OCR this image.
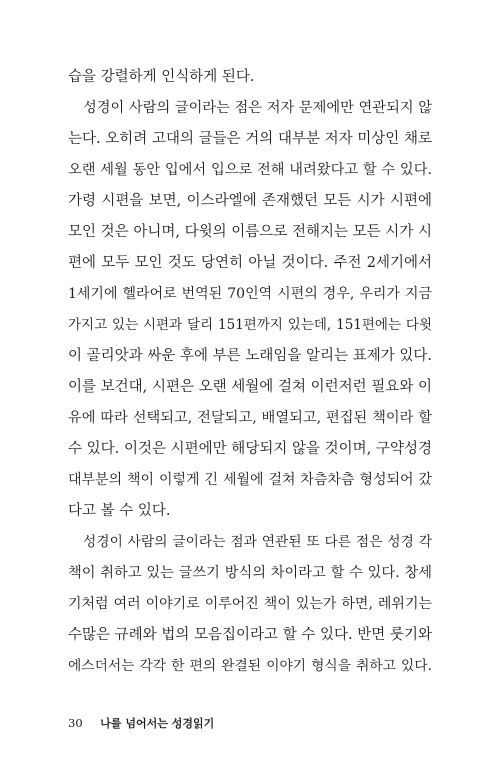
습을 강렬하게 인식하게 된다.
성경이 사람의 글이라는 점은 저자 문제에만 연관되지 않
는다. 오히려 고대의 글들은 거의 대부분 저자 미상인 채로
오랜 세월 동안 입에서 입으로 전해 내려왔다고 할 수 있다.
가령 시편을 보면, 이스라엘에 존재했던 모든 시가 시편에
모인 것은 아니며, 다윗의 이름으로 전해지는 모든 시가 시
편에 모두 모인 것도 당연히 아닐 것이다. 주전 2세기에서
1세기에 헬라어로 번역된 70인역 시편의 경우, 우리가 지금
가지고 있는 시편과 달리 151편까지 있는데, 151편에는 다윗
이 골리앗과 싸운 후에 부른 노래임을 알리는 표제가 있다.
이를 보건대, 시편은 오랜 세월에 걸쳐 이런저런 필요와 이
유에 따라 선택되고, 전달되고, 배열되고, 편집된 책이라 할
수 있다. 이것은 시편에만 해당되지 않을 것이며, 구약성경
대부분의 책이 이렇게 긴 세월에 걸쳐 차츰차츰 형성되어 갔
다고 볼 수 있다.
성경이 사람의 글이라는 점과 연관된 또 다른 점은 성경 각
책이 취하고 있는 글쓰기 방식의 차이라고 할 수 있다. 창세
기처럼 여러 이야기로 이루어진 책이 있는가 하면, 레위기는
수많은 규례와 법의 모음집이라고 할 수 있다. 반면 룻기와
에스더서는 각각 한 편의 완결된 이야기 형식을 취하고 있다.
30 나를 넘어서는 성경읽기
